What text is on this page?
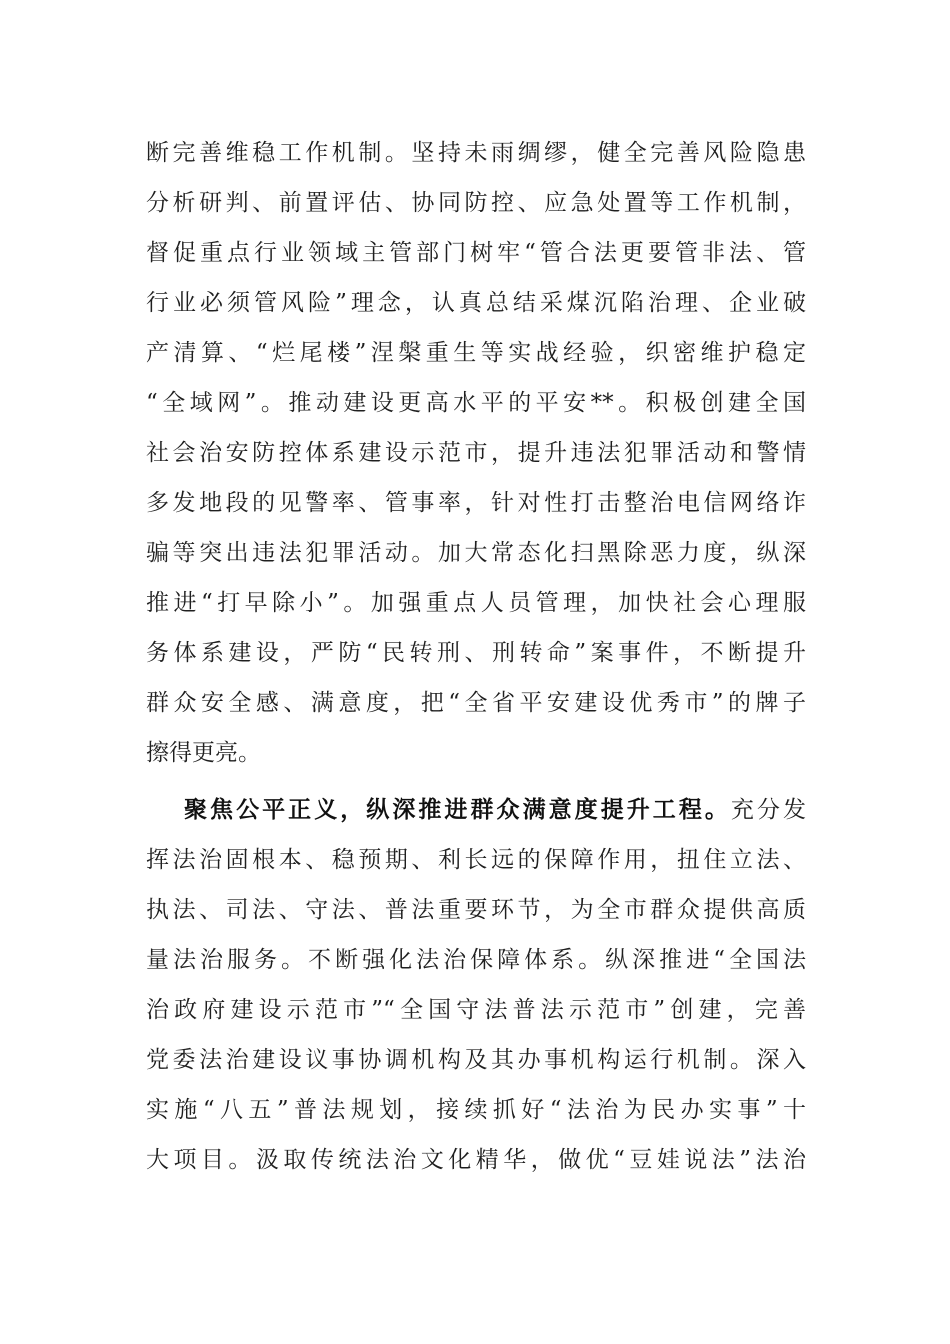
断完善维稳工作机制。坚持未雨绸缪，健全完善风险隐患
分析研判、前置评估、协同防控、应急处置等工作机制，
督促重点行业领域主管部门树牢“管合法更要管非法、管
行业必须管风险”理念，认真总结采煤沉陷治理、企业破
产清算、“烂尾楼”涅槃重生等实战经验，织密维护稳定
“全域网”。推动建设更高水平的平安**。积极创建全国
社会治安防控体系建设示范市，提升违法犯罪活动和警情
多发地段的见警率、管事率，针对性打击整治电信网络诈
骗等突出违法犯罪活动。加大常态化扫黑除恶力度，纵深
推进“打早除小”。加强重点人员管理，加快社会心理服
务体系建设，严防“民转刑、刑转命”案事件，不断提升
群众安全感、满意度，把“全省平安建设优秀市”的牌子
擦得更亮。
聚焦公平正义，纵深推进群众满意度提升工程。充分发
挥法治固根本、稳预期、利长远的保障作用，扭住立法、
执法、司法、守法、普法重要环节，为全市群众提供高质
量法治服务。不断强化法治保障体系。纵深推进“全国法
治政府建设示范市”“全国守法普法示范市”创建，完善
党委法治建设议事协调机构及其办事机构运行机制。深入
实施“八五”普法规划，接续抓好“法治为民办实事”十
大项目。汲取传统法治文化精华，做优“豆娃说法”法治
